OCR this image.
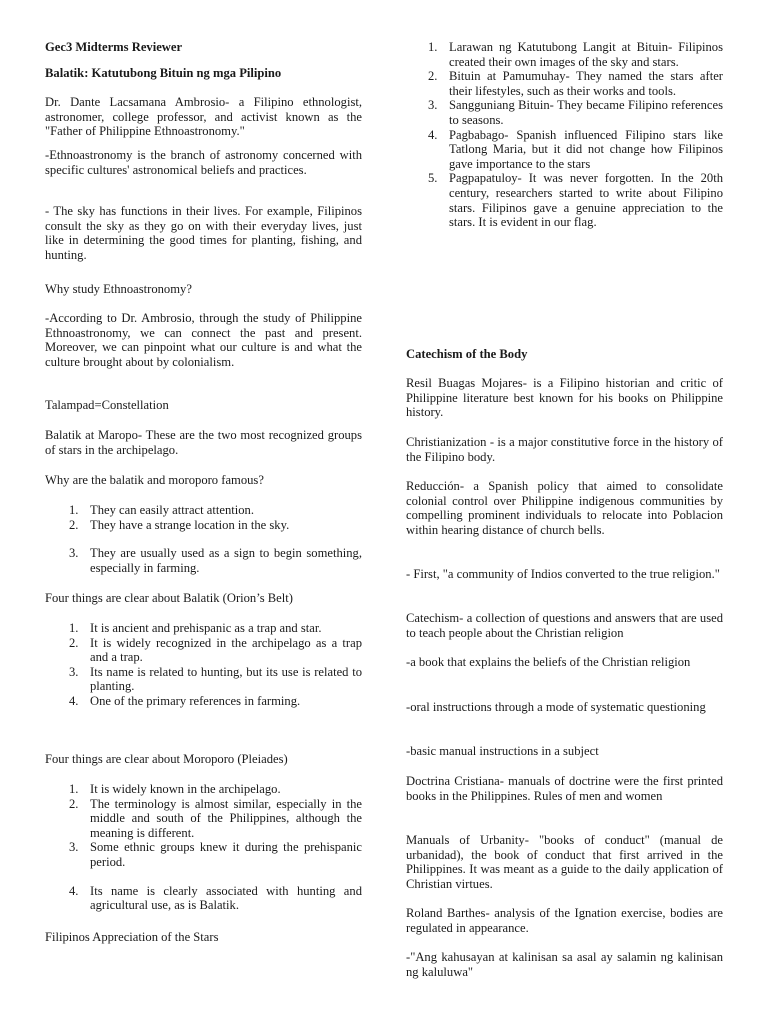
Gec3 Midterms Reviewer

Balatik: Katutubong Bituin ng mga Pilipino

Dr. Dante Lacsamana Ambrosio- a Filipino ethnologist, astronomer, college professor, and activist known as the "Father of Philippine Ethnoastronomy."

-Ethnoastronomy is the branch of astronomy concerned with specific cultures' astronomical beliefs and practices.

- The sky has functions in their lives. For example, Filipinos consult the sky as they go on with their everyday lives, just like in determining the good times for planting, fishing, and hunting.

Why study Ethnoastronomy?

-According to Dr. Ambrosio, through the study of Philippine Ethnoastronomy, we can connect the past and present. Moreover, we can pinpoint what our culture is and what the culture brought about by colonialism.

Talampad=Constellation

Balatik at Maropo- These are the two most recognized groups of stars in the archipelago.

Why are the balatik and moroporo famous?

1. They can easily attract attention.
2. They have a strange location in the sky.
3. They are usually used as a sign to begin something, especially in farming.

Four things are clear about Balatik (Orion’s Belt)

1. It is ancient and prehispanic as a trap and star.
2. It is widely recognized in the archipelago as a trap and a trap.
3. Its name is related to hunting, but its use is related to planting.
4. One of the primary references in farming.

Four things are clear about Moroporo (Pleiades)

1. It is widely known in the archipelago.
2. The terminology is almost similar, especially in the middle and south of the Philippines, although the meaning is different.
3. Some ethnic groups knew it during the prehispanic period.
4. Its name is clearly associated with hunting and agricultural use, as is Balatik.

Filipinos Appreciation of the Stars

1. Larawan ng Katutubong Langit at Bituin- Filipinos created their own images of the sky and stars.
2. Bituin at Pamumuhay- They named the stars after their lifestyles, such as their works and tools.
3. Sangguniang Bituin- They became Filipino references to seasons.
4. Pagbabago- Spanish influenced Filipino stars like Tatlong Maria, but it did not change how Filipinos gave importance to the stars
5. Pagpapatuloy- It was never forgotten. In the 20th century, researchers started to write about Filipino stars. Filipinos gave a genuine appreciation to the stars. It is evident in our flag.

Catechism of the Body

Resil Buagas Mojares- is a Filipino historian and critic of Philippine literature best known for his books on Philippine history.

Christianization - is a major constitutive force in the history of the Filipino body.

Reducción- a Spanish policy that aimed to consolidate colonial control over Philippine indigenous communities by compelling prominent individuals to relocate into Poblacion within hearing distance of church bells.

- First, "a community of Indios converted to the true religion."

Catechism- a collection of questions and answers that are used to teach people about the Christian religion

-a book that explains the beliefs of the Christian religion

-oral instructions through a mode of systematic questioning

-basic manual instructions in a subject

Doctrina Cristiana- manuals of doctrine were the first printed books in the Philippines. Rules of men and women

Manuals of Urbanity- "books of conduct" (manual de urbanidad), the book of conduct that first arrived in the Philippines. It was meant as a guide to the daily application of Christian virtues.

Roland Barthes- analysis of the Ignation exercise, bodies are regulated in appearance.

-"Ang kahusayan at kalinisan sa asal ay salamin ng kalinisan ng kaluluwa"
